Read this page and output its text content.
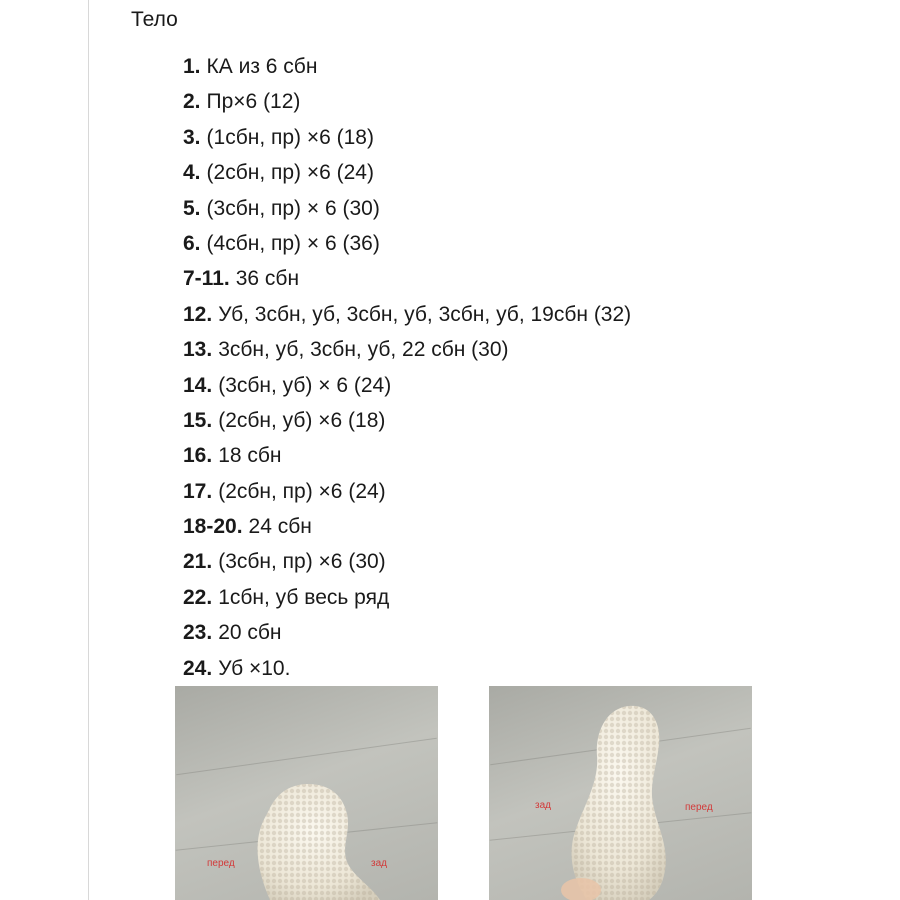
Тело
1. КА из 6 сбн
2. Пр×6 (12)
3. (1сбн, пр) ×6 (18)
4. (2сбн, пр) ×6 (24)
5. (3сбн, пр) × 6 (30)
6. (4сбн, пр) × 6 (36)
7-11. 36 сбн
12. Уб, 3сбн, уб, 3сбн, уб, 3сбн, уб, 19сбн (32)
13. 3сбн, уб, 3сбн, уб, 22 сбн (30)
14. (3сбн, уб) × 6 (24)
15. (2сбн, уб) ×6 (18)
16. 18 сбн
17. (2сбн, пр) ×6 (24)
18-20. 24 сбн
21. (3сбн, пр) ×6 (30)
22. 1сбн, уб весь ряд
23. 20 сбн
24. Уб ×10.
перед	зад
зад	перед
